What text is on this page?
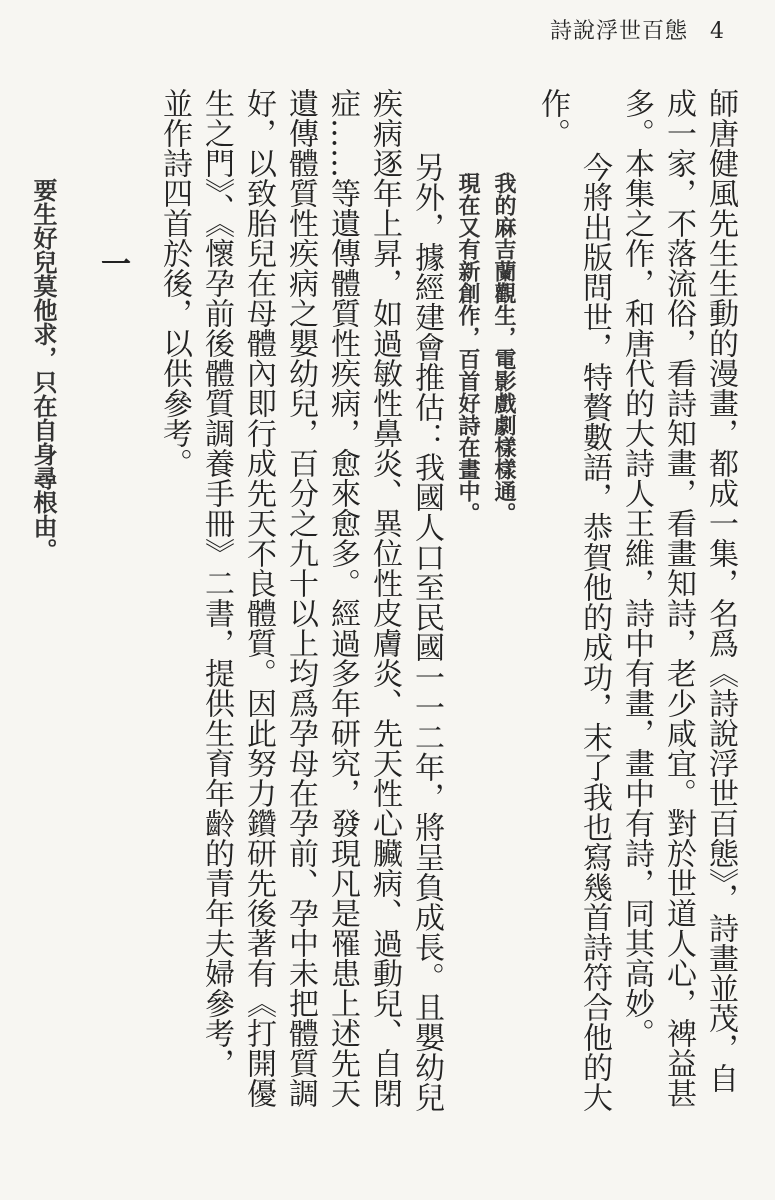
詩說浮世百態 4
師唐健風先生生動的漫畫，都成一集，名爲《詩說浮世百態》，詩畫並茂，自
成一家，不落流俗，看詩知畫，看畫知詩，老少咸宜。對於世道人心，裨益甚
多。本集之作，和唐代的大詩人王維，詩中有畫，畫中有詩，同其高妙。
今將出版問世，特贅數語，恭賀他的成功，末了我也寫幾首詩符合他的大
作。
我的麻吉蘭觀生，電影戲劇樣樣通。
現在又有新創作，百首好詩在畫中。
另外，據經建會推估：我國人口至民國一一二年，將呈負成長。且嬰幼兒
疾病逐年上昇，如過敏性鼻炎、異位性皮膚炎、先天性心臟病、過動兒、自閉
症……等遺傳體質性疾病，愈來愈多。經過多年研究，發現凡是罹患上述先天
遺傳體質性疾病之嬰幼兒，百分之九十以上均爲孕母在孕前、孕中未把體質調
好，以致胎兒在母體內即行成先天不良體質。因此努力鑽研先後著有《打開優
生之門》、《懷孕前後體質調養手冊》二書，提供生育年齡的青年夫婦參考，
並作詩四首於後，以供參考。
一
要生好兒莫他求，只在自身尋根由。
